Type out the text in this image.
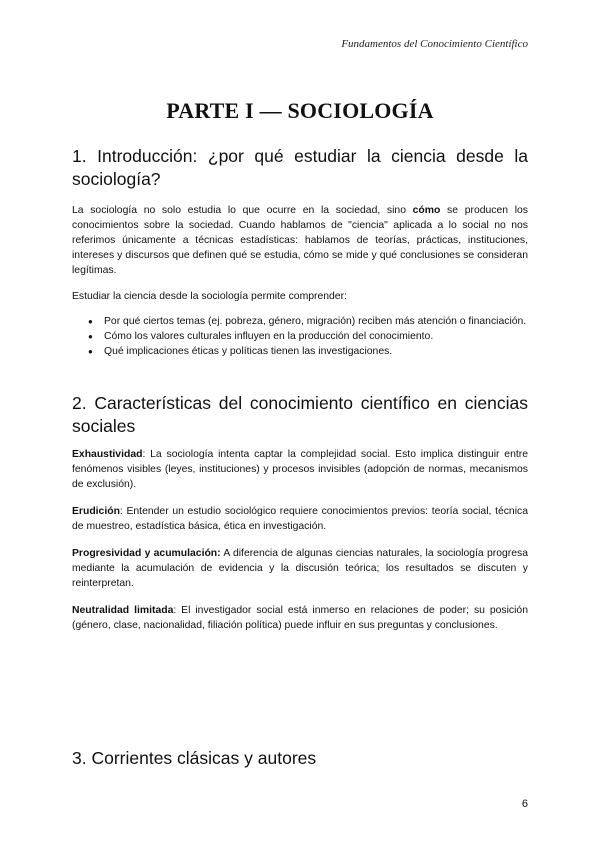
Fundamentos del Conocimiento Científico
PARTE I — SOCIOLOGÍA
1. Introducción: ¿por qué estudiar la ciencia desde la sociología?

La sociología no solo estudia lo que ocurre en la sociedad, sino cómo se producen los conocimientos sobre la sociedad. Cuando hablamos de "ciencia" aplicada a lo social no nos referimos únicamente a técnicas estadísticas: hablamos de teorías, prácticas, instituciones, intereses y discursos que definen qué se estudia, cómo se mide y qué conclusiones se consideran legítimas.

Estudiar la ciencia desde la sociología permite comprender:

● Por qué ciertos temas (ej. pobreza, género, migración) reciben más atención o financiación.
● Cómo los valores culturales influyen en la producción del conocimiento.
● Qué implicaciones éticas y políticas tienen las investigaciones.
2. Características del conocimiento científico en ciencias sociales

Exhaustividad: La sociología intenta captar la complejidad social. Esto implica distinguir entre fenómenos visibles (leyes, instituciones) y procesos invisibles (adopción de normas, mecanismos de exclusión).

Erudición: Entender un estudio sociológico requiere conocimientos previos: teoría social, técnica de muestreo, estadística básica, ética en investigación.

Progresividad y acumulación: A diferencia de algunas ciencias naturales, la sociología progresa mediante la acumulación de evidencia y la discusión teórica; los resultados se discuten y reinterpretan.

Neutralidad limitada: El investigador social está inmerso en relaciones de poder; su posición (género, clase, nacionalidad, filiación política) puede influir en sus preguntas y conclusiones.

3. Corrientes clásicas y autores
6
